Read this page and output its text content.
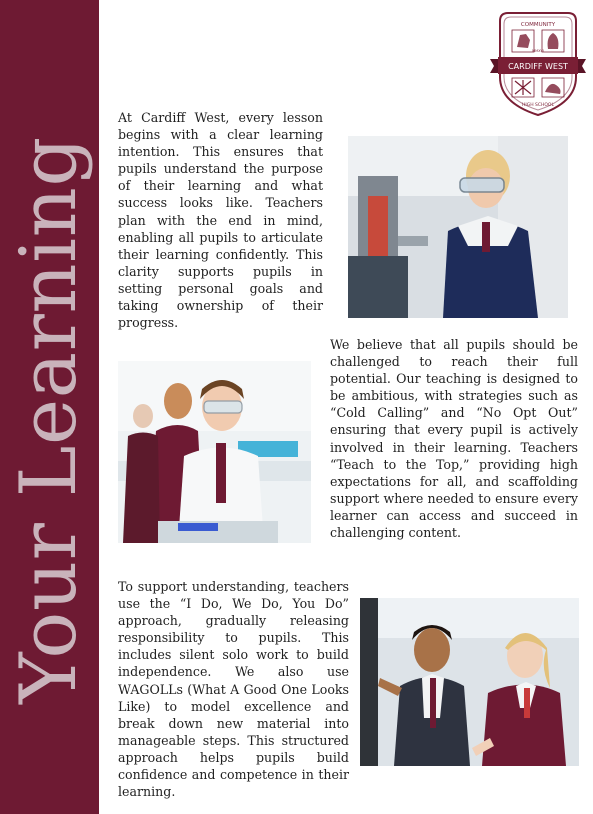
Your Learning
COMMUNITY
MMXVI
CARDIFF WEST
HIGH SCHOOL

At Cardiff West, every lesson begins with a clear learning intention. This ensures that pupils understand the purpose of their learning and what success looks like. Teachers plan with the end in mind, enabling all pupils to articulate their learning confidently. This clarity supports pupils in setting personal goals and taking ownership of their progress.

We believe that all pupils should be challenged to reach their full potential. Our teaching is designed to be ambitious, with strategies such as “Cold Calling” and “No Opt Out” ensuring that every pupil is actively involved in their learning. Teachers “Teach to the Top,” providing high expectations for all, and scaffolding support where needed to ensure every learner can access and succeed in challenging content.

To support understanding, teachers use the “I Do, We Do, You Do” approach, gradually releasing responsibility to pupils. This includes silent solo work to build independence. We also use WAGOLLs (What A Good One Looks Like) to model excellence and break down new material into manageable steps. This structured approach helps pupils build confidence and competence in their learning.
